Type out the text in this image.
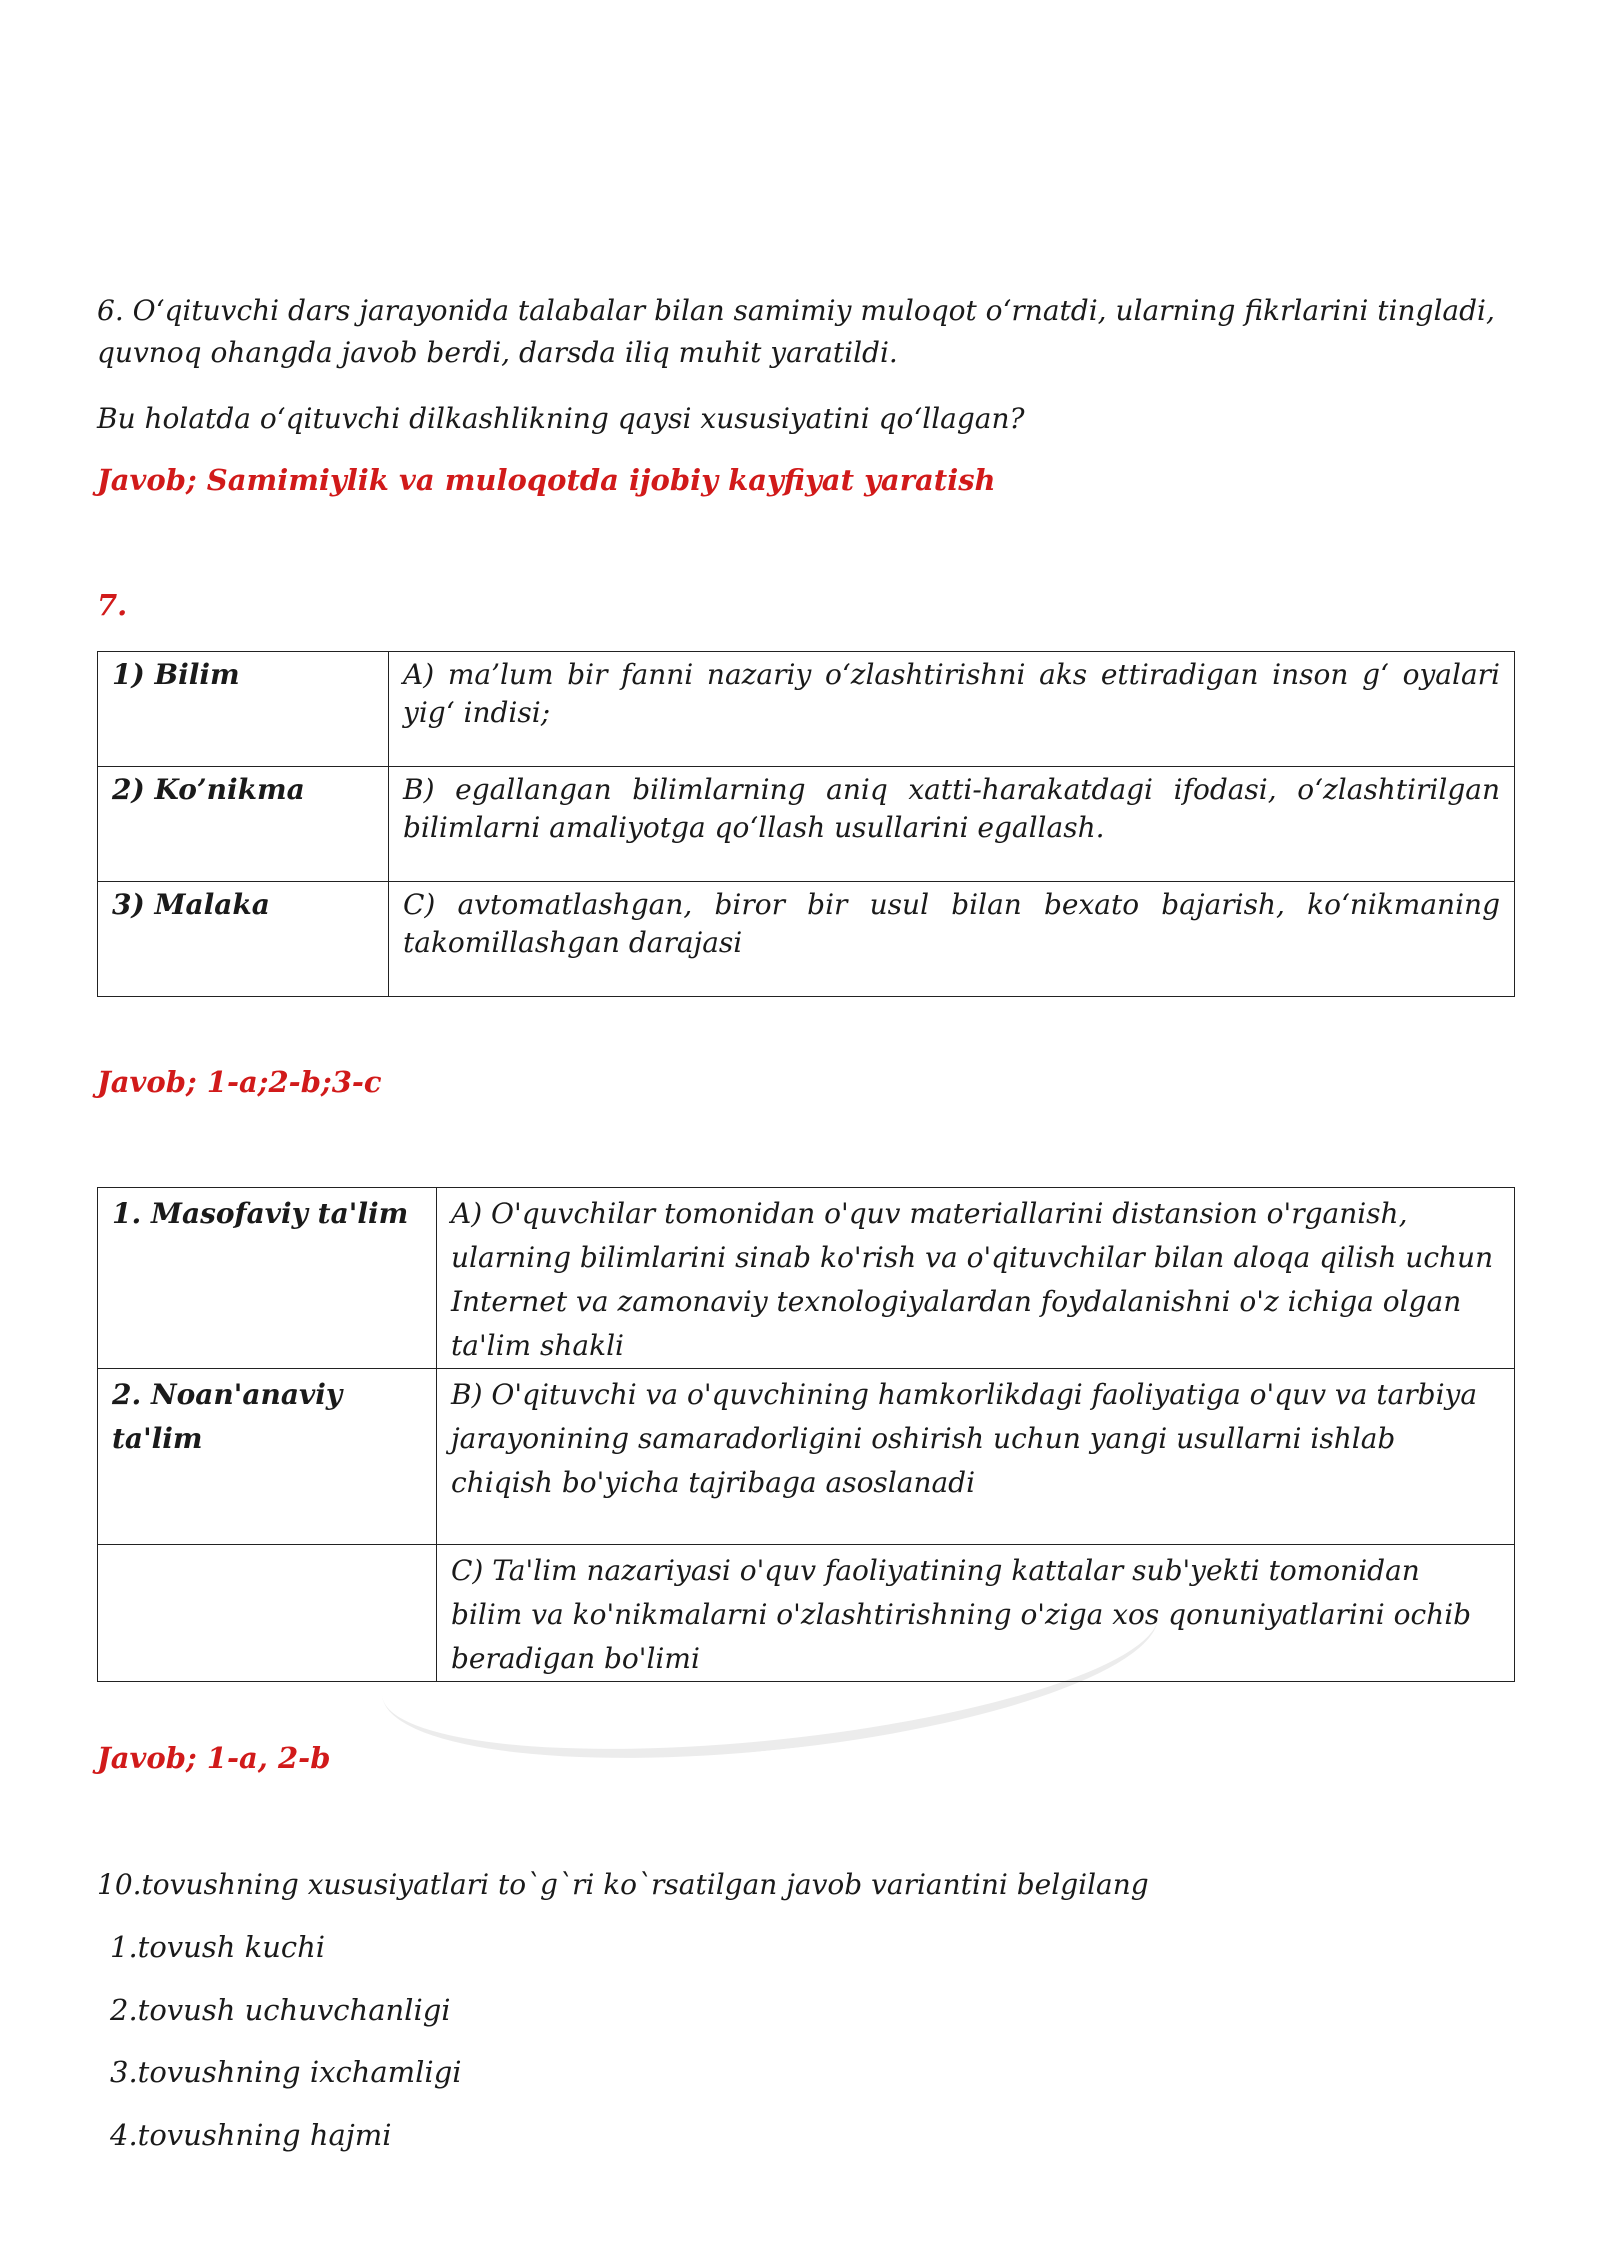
6. O‘qituvchi dars jarayonida talabalar bilan samimiy muloqot o‘rnatdi, ularning fikrlarini tingladi, quvnoq ohangda javob berdi, darsda iliq muhit yaratildi.

Bu holatda o‘qituvchi dilkashlikning qaysi xususiyatini qo‘llagan?

Javob; Samimiylik va muloqotda ijobiy kayfiyat yaratish

7.

1) Bilim	A) ma’lum bir fanni nazariy o‘zlashtirishni aks ettiradigan inson g‘ oyalari yig‘ indisi;
2) Ko’nikma	B) egallangan bilimlarning aniq xatti-harakatdagi ifodasi, o‘zlashtirilgan bilimlarni amaliyotga qo‘llash usullarini egallash.
3) Malaka	C) avtomatlashgan, biror bir usul bilan bexato bajarish, ko‘nikmaning takomillashgan darajasi

Javob; 1-a;2-b;3-c

1. Masofaviy ta'lim	A) O'quvchilar tomonidan o'quv materiallarini distansion o'rganish, ularning bilimlarini sinab ko'rish va o'qituvchilar bilan aloqa qilish uchun Internet va zamonaviy texnologiyalardan foydalanishni o'z ichiga olgan ta'lim shakli
2. Noan'anaviy ta'lim	B) O'qituvchi va o'quvchining hamkorlikdagi faoliyatiga o'quv va tarbiya jarayonining samaradorligini oshirish uchun yangi usullarni ishlab chiqish bo'yicha tajribaga asoslanadi
	C) Ta'lim nazariyasi o'quv faoliyatining kattalar sub'yekti tomonidan bilim va ko'nikmalarni o'zlashtirishning o'ziga xos qonuniyatlarini ochib beradigan bo'limi

Javob; 1-a, 2-b

10.tovushning xususiyatlari to`g`ri ko`rsatilgan javob variantini belgilang

1.tovush kuchi

2.tovush uchuvchanligi

3.tovushning ixchamligi

4.tovushning hajmi
